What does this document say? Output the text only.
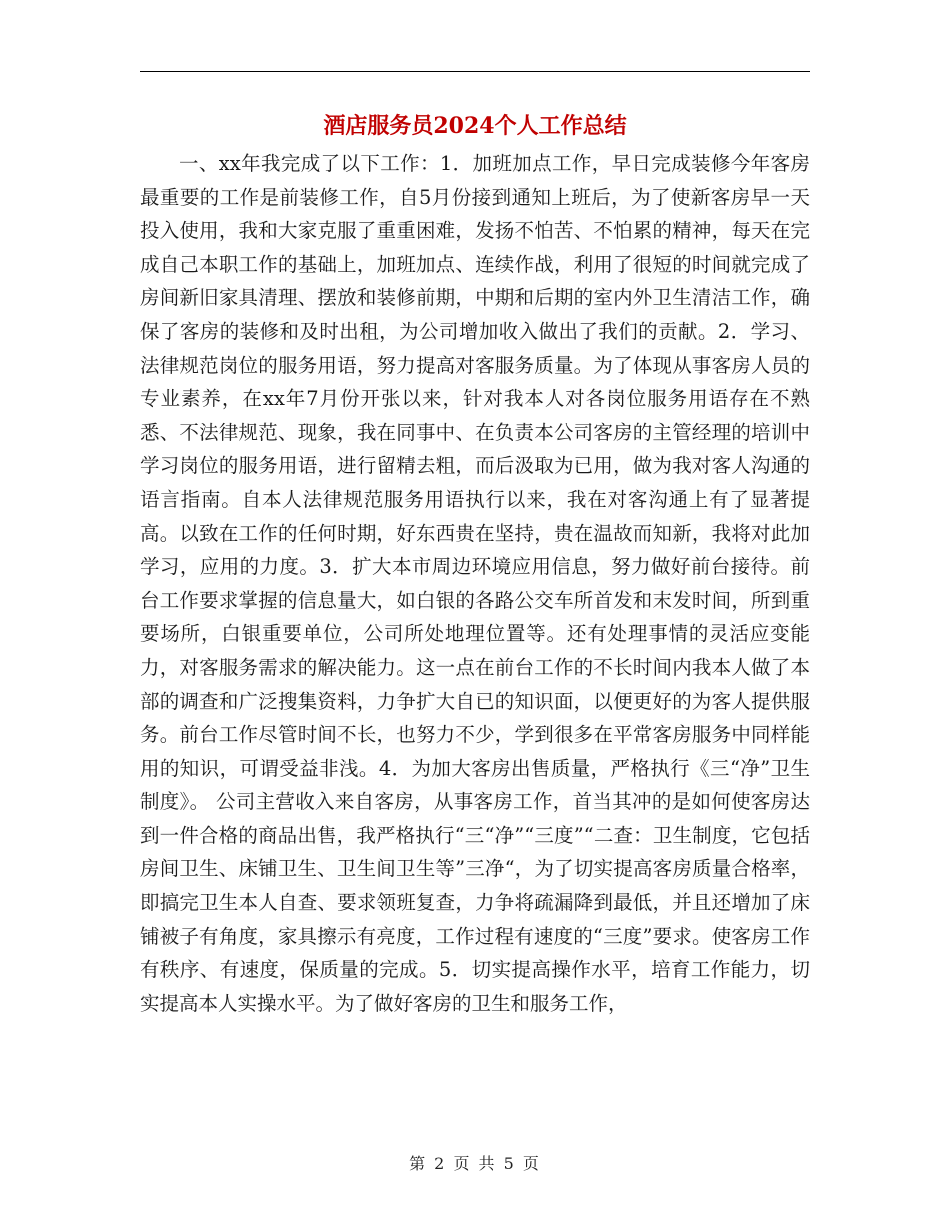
酒店服务员2024个人工作总结

一、xx年我完成了以下工作：1．加班加点工作，早日完成装修今年客房最重要的工作是前装修工作，自5月份接到通知上班后，为了使新客房早一天投入使用，我和大家克服了重重困难，发扬不怕苦、不怕累的精神，每天在完成自己本职工作的基础上，加班加点、连续作战，利用了很短的时间就完成了房间新旧家具清理、摆放和装修前期，中期和后期的室内外卫生清洁工作，确保了客房的装修和及时出租，为公司增加收入做出了我们的贡献。2．学习、法律规范岗位的服务用语，努力提高对客服务质量。为了体现从事客房人员的专业素养，在xx年7月份开张以来，针对我本人对各岗位服务用语存在不熟悉、不法律规范、现象，我在同事中、在负责本公司客房的主管经理的培训中学习岗位的服务用语，进行留精去粗，而后汲取为已用，做为我对客人沟通的语言指南。自本人法律规范服务用语执行以来，我在对客沟通上有了显著提高。以致在工作的任何时期，好东西贵在坚持，贵在温故而知新，我将对此加学习，应用的力度。3．扩大本市周边环境应用信息，努力做好前台接待。前台工作要求掌握的信息量大，如白银的各路公交车所首发和末发时间，所到重要场所，白银重要单位，公司所处地理位置等。还有处理事情的灵活应变能力，对客服务需求的解决能力。这一点在前台工作的不长时间内我本人做了本部的调查和广泛搜集资料，力争扩大自已的知识面，以便更好的为客人提供服务。前台工作尽管时间不长，也努力不少，学到很多在平常客房服务中同样能用的知识，可谓受益非浅。4．为加大客房出售质量，严格执行《三“净”卫生制度》。 公司主营收入来自客房，从事客房工作，首当其冲的是如何使客房达到一件合格的商品出售，我严格执行“三“净”“三度”“二查：卫生制度，它包括房间卫生、床铺卫生、卫生间卫生等”三净“，为了切实提高客房质量合格率，即搞完卫生本人自查、要求领班复查，力争将疏漏降到最低，并且还增加了床铺被子有角度，家具擦示有亮度，工作过程有速度的“三度”要求。使客房工作有秩序、有速度，保质量的完成。5．切实提高操作水平，培育工作能力，切实提高本人实操水平。为了做好客房的卫生和服务工作，

第 2 页 共 5 页
